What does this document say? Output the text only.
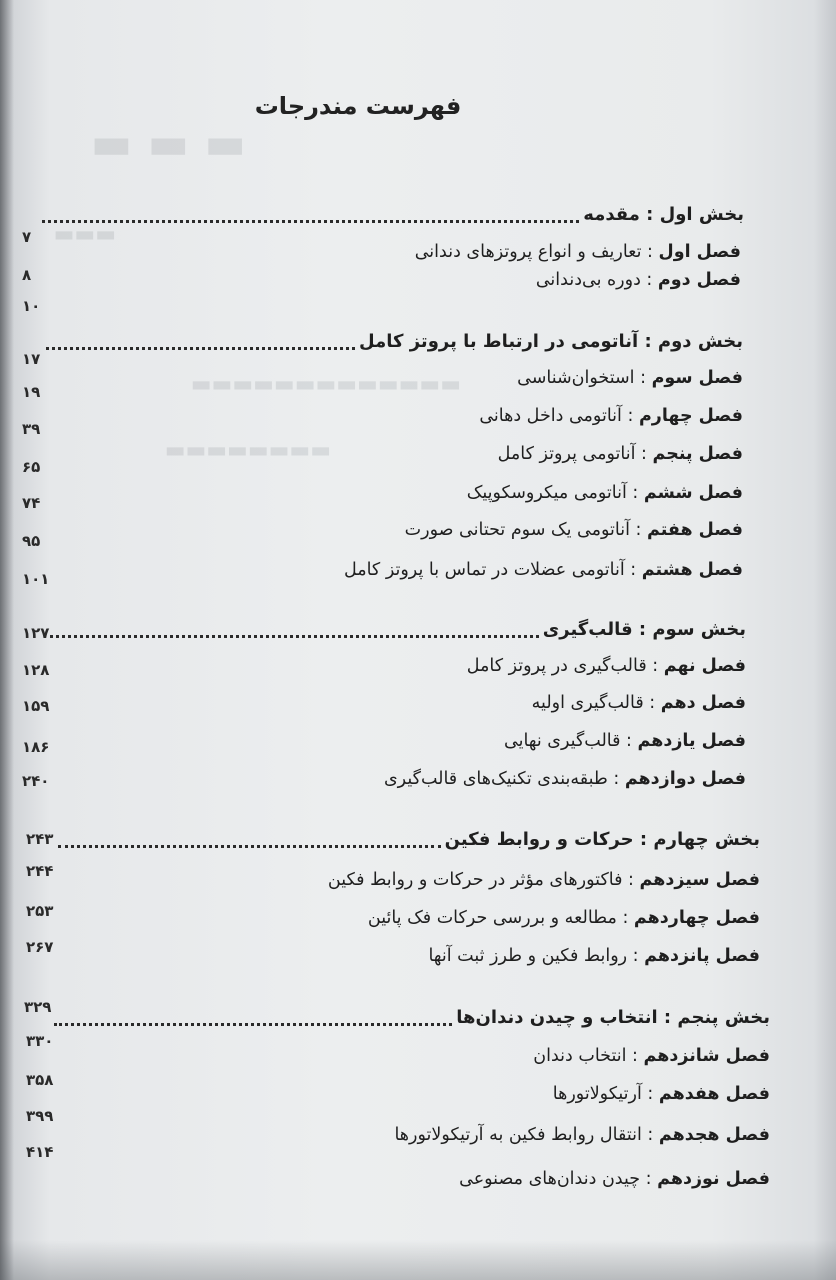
▬ ▬ ▬
▬▬▬
▬▬▬▬▬▬▬▬▬▬▬▬▬
▬▬▬▬▬▬▬▬
فهرست مندرجات
بخش اول : مقدمه
۷
فصل اول : تعاریف و انواع پروتزهای دندانی
۸	فصل دوم : دوره بی‌دندانی
۱۰
بخش دوم : آناتومی در ارتباط با پروتز کامل
۱۷
فصل سوم : استخوان‌شناسی
۱۹
فصل چهارم : آناتومی داخل دهانی
۳۹
فصل پنجم : آناتومی پروتز کامل
۶۵
فصل ششم : آناتومی میکروسکوپیک
۷۴
فصل هفتم : آناتومی یک سوم تحتانی صورت
۹۵
فصل هشتم : آناتومی عضلات در تماس با پروتز کامل
۱۰۱
بخش سوم : قالب‌گیری
۱۲۷
فصل نهم : قالب‌گیری در پروتز کامل
۱۲۸
فصل دهم : قالب‌گیری اولیه
۱۵۹
فصل یازدهم : قالب‌گیری نهایی
۱۸۶
فصل دوازدهم : طبقه‌بندی تکنیک‌های قالب‌گیری
۲۴۰
بخش چهارم : حرکات و روابط فکین
۲۴۳
فصل سیزدهم : فاکتورهای مؤثر در حرکات و روابط فکین
۲۴۴
فصل چهاردهم : مطالعه و بررسی حرکات فک پائین
۲۵۳
فصل پانزدهم : روابط فکین و طرز ثبت آنها
۲۶۷
بخش پنجم : انتخاب و چیدن دندان‌ها
۳۲۹
فصل شانزدهم : انتخاب دندان
۳۳۰
فصل هفدهم : آرتیکولاتورها
۳۵۸
فصل هجدهم : انتقال روابط فکین به آرتیکولاتورها
۳۹۹
فصل نوزدهم : چیدن دندان‌های مصنوعی
۴۱۴
